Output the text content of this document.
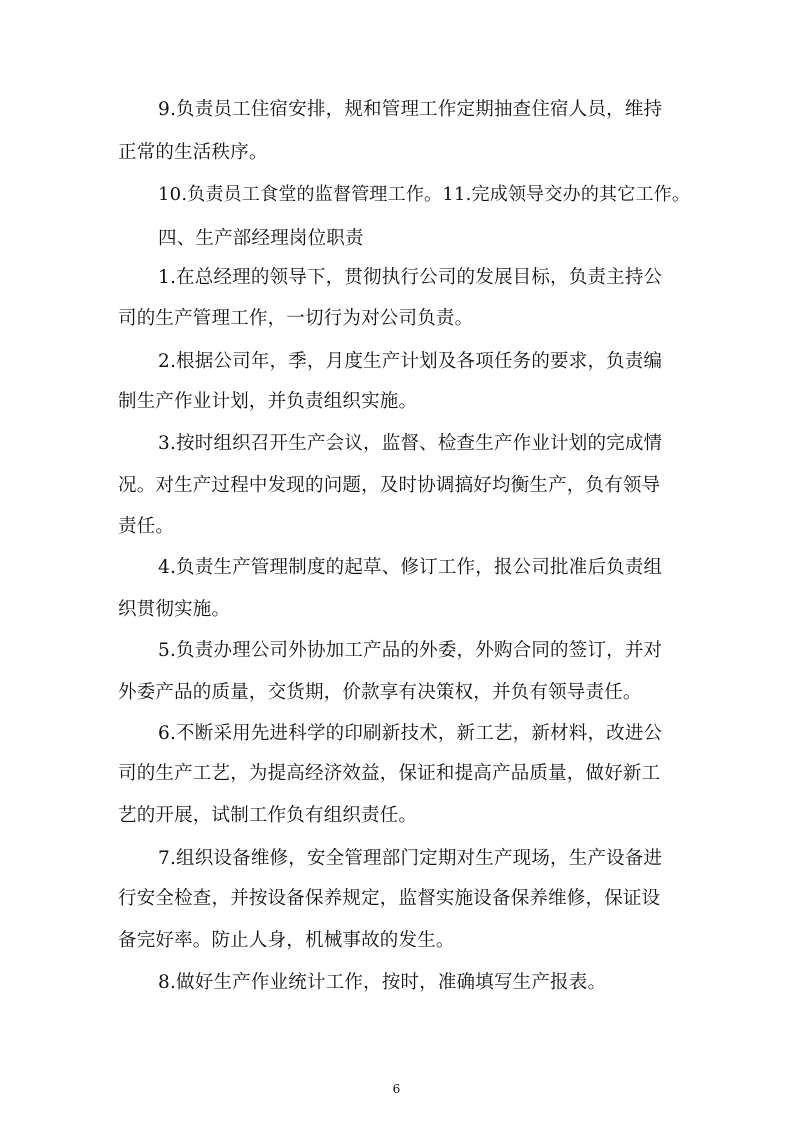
9.负责员工住宿安排，规和管理工作定期抽查住宿人员，维持
正常的生活秩序。
10.负责员工食堂的监督管理工作。11.完成领导交办的其它工作。
四、生产部经理岗位职责
1.在总经理的领导下，贯彻执行公司的发展目标，负责主持公
司的生产管理工作，一切行为对公司负责。
2.根据公司年，季，月度生产计划及各项任务的要求，负责编
制生产作业计划，并负责组织实施。
3.按时组织召开生产会议，监督、检查生产作业计划的完成情
况。对生产过程中发现的问题，及时协调搞好均衡生产，负有领导
责任。
4.负责生产管理制度的起草、修订工作，报公司批准后负责组
织贯彻实施。
5.负责办理公司外协加工产品的外委，外购合同的签订，并对
外委产品的质量，交货期，价款享有决策权，并负有领导责任。
6.不断采用先进科学的印刷新技术，新工艺，新材料，改进公
司的生产工艺，为提高经济效益，保证和提高产品质量，做好新工
艺的开展，试制工作负有组织责任。
7.组织设备维修，安全管理部门定期对生产现场，生产设备进
行安全检查，并按设备保养规定，监督实施设备保养维修，保证设
备完好率。防止人身，机械事故的发生。
8.做好生产作业统计工作，按时，准确填写生产报表。
6
